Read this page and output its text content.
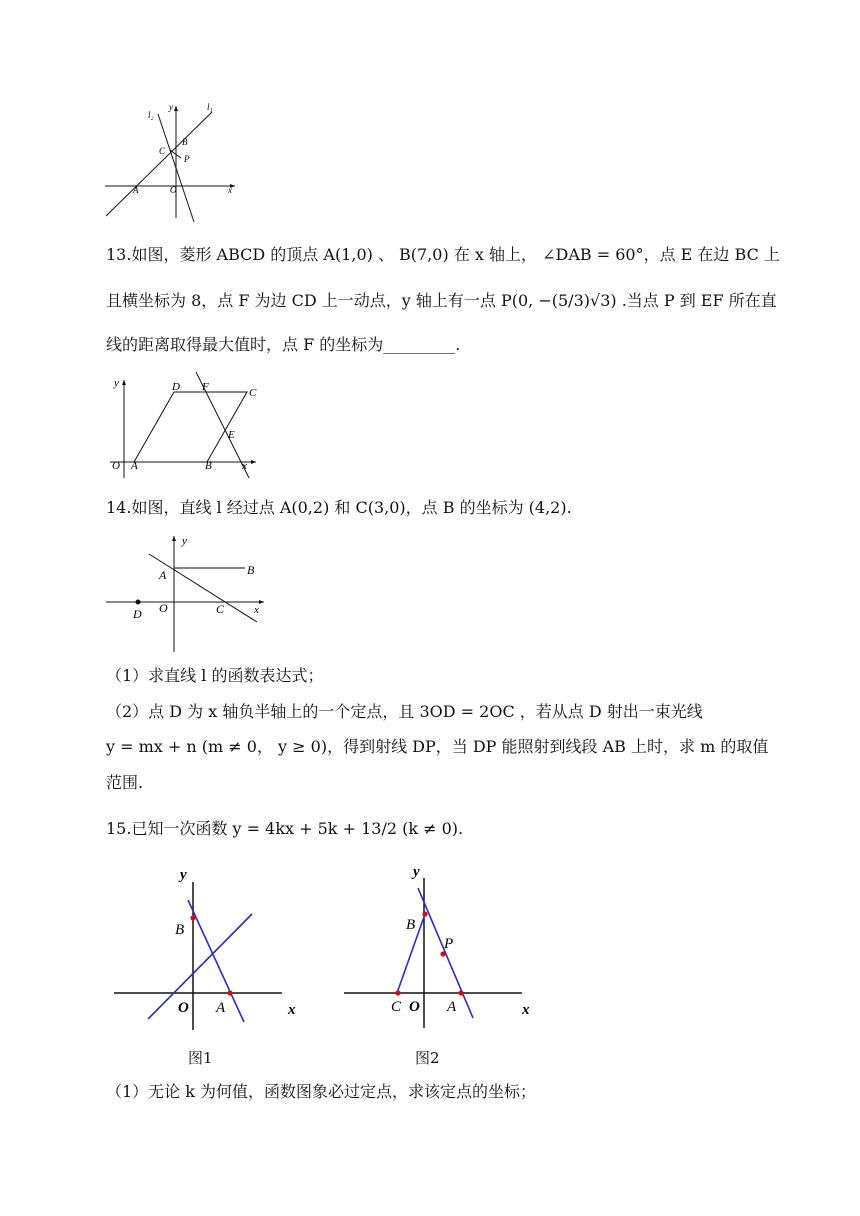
l₂
y	l₁
C
B
P
A	O	x
13.如图，菱形 ABCD 的顶点 A(1,0) 、 B(7,0) 在 x 轴上， ∠DAB = 60°，点 E 在边 BC 上
且横坐标为 8，点 F 为边 CD 上一动点，y 轴上有一点 P(0, −(5/3)√3) .当点 P 到 EF 所在直
线的距离取得最大值时，点 F 的坐标为_________.
y	D F	C
E
O A	B	x
14.如图，直线 l 经过点 A(0,2) 和 C(3,0)，点 B 的坐标为 (4,2).
y
A	B
D O	C	x
（1）求直线 l 的函数表达式；
（2）点 D 为 x 轴负半轴上的一个定点，且 3OD = 2OC ，若从点 D 射出一束光线
y = mx + n (m ≠ 0， y ≥ 0)，得到射线 DP，当 DP 能照射到线段 AB 上时，求 m 的取值
范围.
15.已知一次函数 y = 4kx + 5k + 13/2 (k ≠ 0).
y
B
O A	x
y
B
P
C O A	x
图1	图2
（1）无论 k 为何值，函数图象必过定点，求该定点的坐标；
